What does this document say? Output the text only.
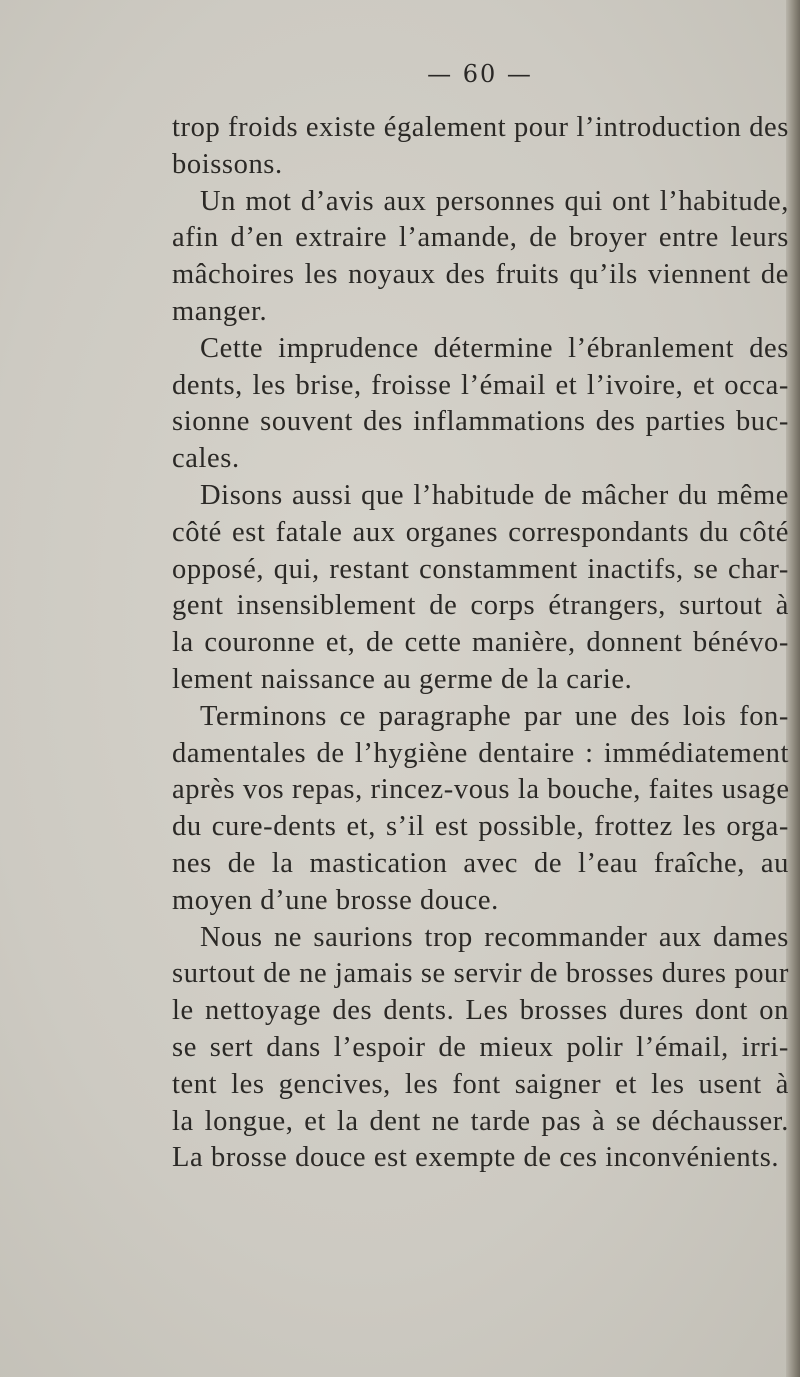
— 60 —
trop froids existe également pour l’introduction des
boissons.
Un mot d’avis aux personnes qui ont l’habitude,
afin d’en extraire l’amande, de broyer entre leurs
mâchoires les noyaux des fruits qu’ils viennent de
manger.
Cette imprudence détermine l’ébranlement des
dents, les brise, froisse l’émail et l’ivoire, et occa-
sionne souvent des inflammations des parties buc-
cales.
Disons aussi que l’habitude de mâcher du même
côté est fatale aux organes correspondants du côté
opposé, qui, restant constamment inactifs, se char-
gent insensiblement de corps étrangers, surtout à
la couronne et, de cette manière, donnent bénévo-
lement naissance au germe de la carie.
Terminons ce paragraphe par une des lois fon-
damentales de l’hygiène dentaire : immédiatement
après vos repas, rincez-vous la bouche, faites usage
du cure-dents et, s’il est possible, frottez les orga-
nes de la mastication avec de l’eau fraîche, au
moyen d’une brosse douce.
Nous ne saurions trop recommander aux dames
surtout de ne jamais se servir de brosses dures pour
le nettoyage des dents. Les brosses dures dont on
se sert dans l’espoir de mieux polir l’émail, irri-
tent les gencives, les font saigner et les usent à
la longue, et la dent ne tarde pas à se déchausser.
La brosse douce est exempte de ces inconvénients.
